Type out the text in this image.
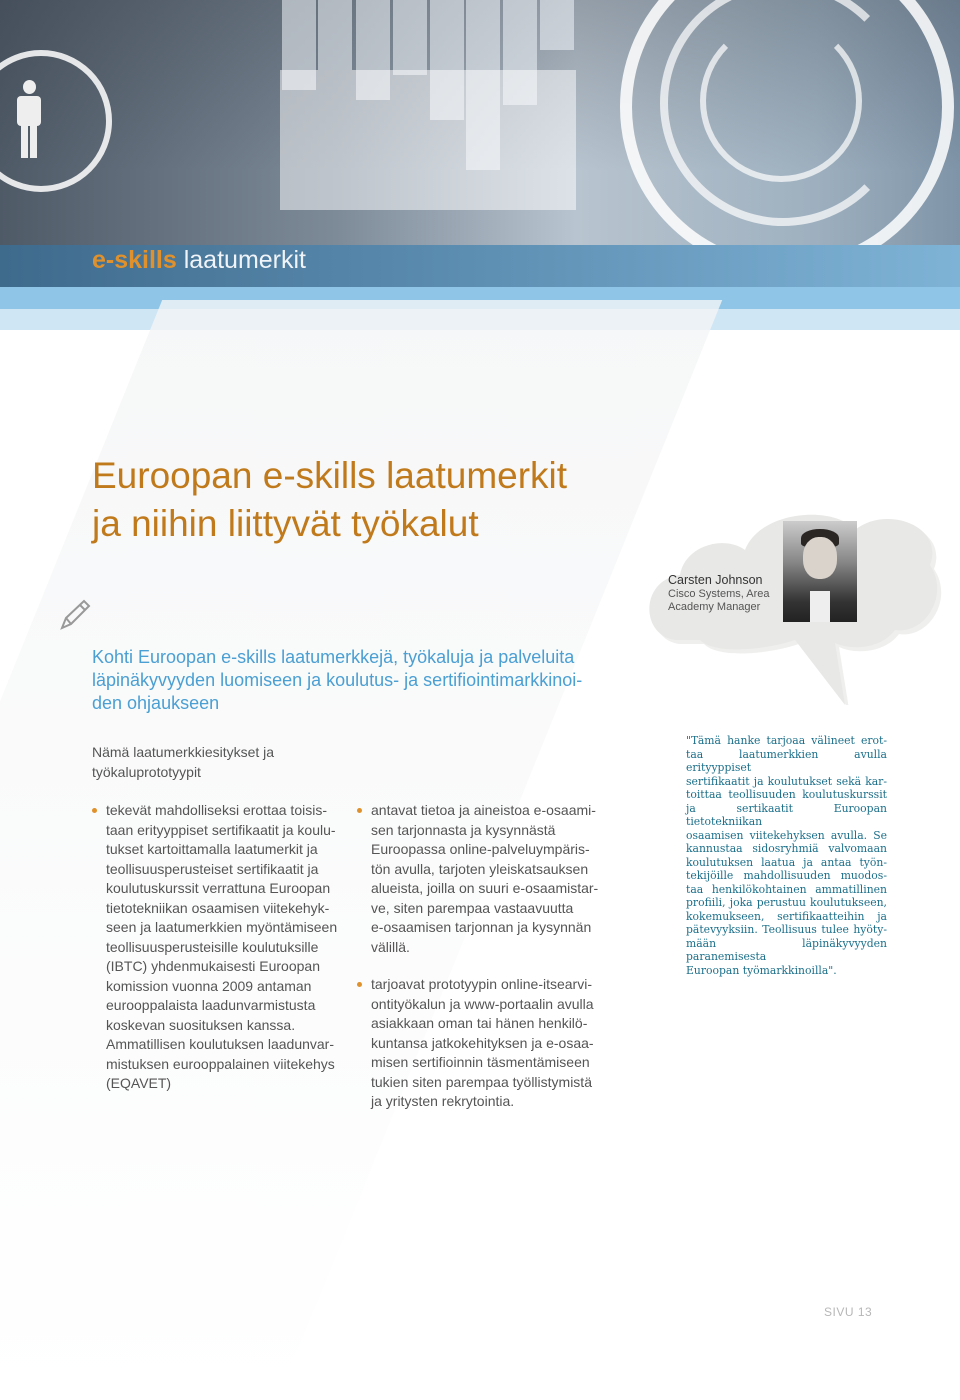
e-skills laatumerkit
Euroopan e-skills laatumerkit
ja niihin liittyvät työkalut
Kohti Euroopan e-skills laatumerkkejä, työkaluja ja palveluita
läpinäkyvyyden luomiseen ja koulutus- ja sertifiointimarkkinoi-
den ohjaukseen
Nämä laatumerkkiesitykset ja
työkaluprototyypit
tekevät mahdolliseksi erottaa toisis-
taan erityyppiset sertifikaatit ja koulu-
tukset kartoittamalla laatumerkit ja
teollisuusperusteiset sertifikaatit ja
koulutuskurssit verrattuna Euroopan
tietotekniikan osaamisen viitekehyk-
seen ja laatumerkkien myöntämiseen
teollisuusperusteisille koulutuksille
(IBTC) yhdenmukaisesti Euroopan
komission vuonna 2009 antaman
eurooppalaista laadunvarmistusta
koskevan suosituksen kanssa.
Ammatillisen koulutuksen laadunvar-
mistuksen eurooppalainen viitekehys
(EQAVET)
antavat tietoa ja aineistoa e-osaami-
sen tarjonnasta ja kysynnästä
Euroopassa online-palveluympäris-
tön avulla, tarjoten yleiskatsauksen
alueista, joilla on suuri e-osaamistar-
ve, siten parempaa vastaavuutta
e-osaamisen tarjonnan ja kysynnän
välillä.
tarjoavat prototyypin online-itsearvi-
ontityökalun ja www-portaalin avulla
asiakkaan oman tai hänen henkilö-
kuntansa jatkokehityksen ja e-osaa-
misen sertifioinnin täsmentämiseen
tukien siten parempaa työllistymistä
ja yritysten rekrytointia.
Carsten Johnson
Cisco Systems, Area
Academy Manager
"Tämä hanke tarjoaa välineet erot-
taa laatumerkkien avulla erityyppiset
sertifikaatit ja koulutukset sekä kar-
toittaa teollisuuden koulutuskurssit
ja sertikaatit Euroopan tietotekniikan
osaamisen viitekehyksen avulla. Se
kannustaa sidosryhmiä valvomaan
koulutuksen laatua ja antaa työn-
tekijöille mahdollisuuden muodos-
taa henkilökohtainen ammatillinen
profiili, joka perustuu koulutukseen,
kokemukseen, sertifikaatteihin ja
pätevyyksiin. Teollisuus tulee hyöty-
mään läpinäkyvyyden paranemisesta
Euroopan työmarkkinoilla".
SIVU 13
